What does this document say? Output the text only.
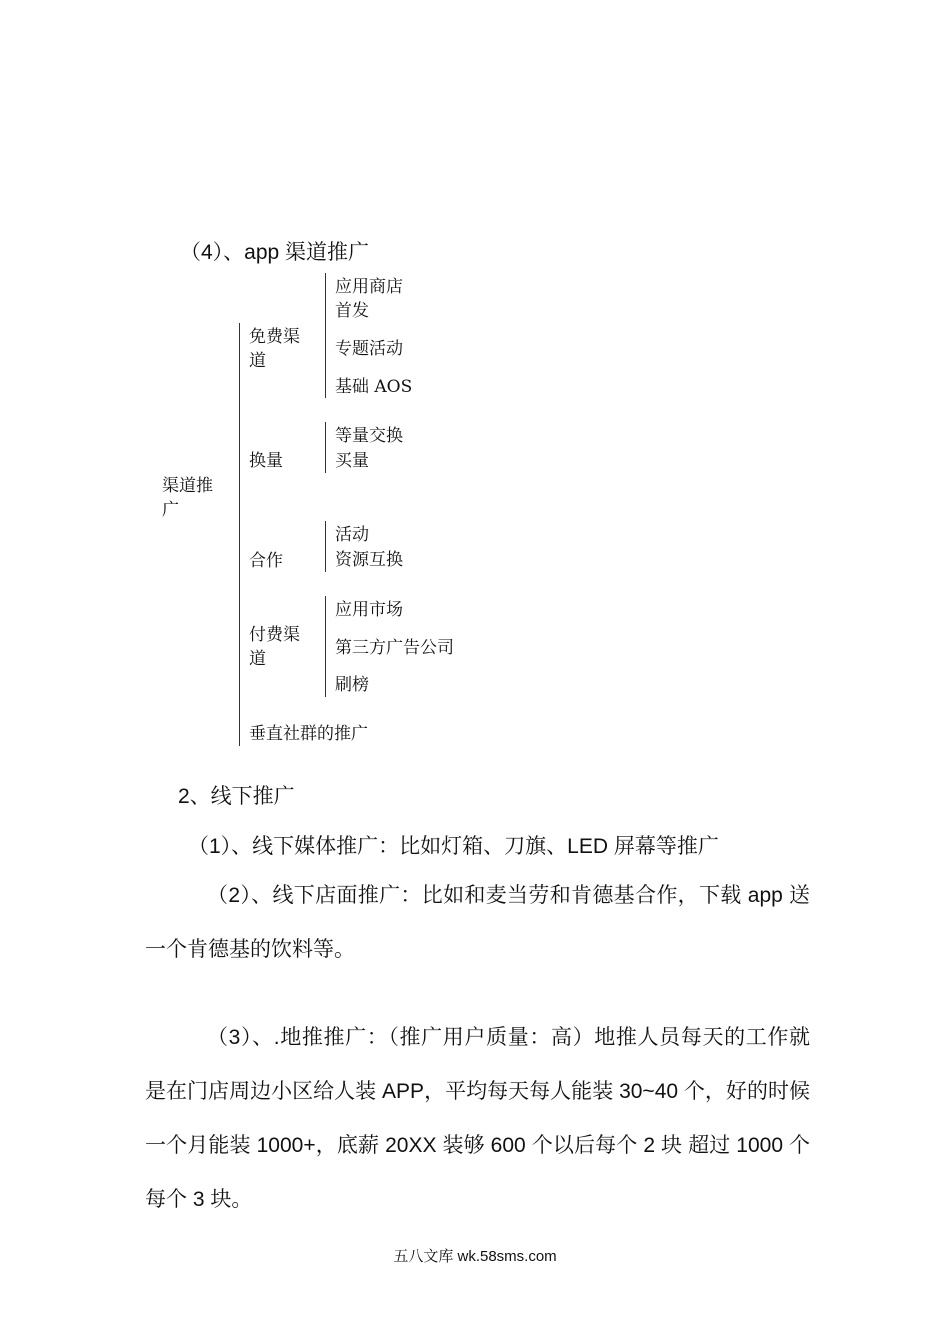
（4）、app 渠道推广
渠道推广
免费渠道
应用商店首发
专题活动
基础 AOS
换量
等量交换
买量
合作
活动
资源互换
付费渠道
应用市场
第三方广告公司
刷榜
垂直社群的推广
2、线下推广
（1）、线下媒体推广：比如灯箱、刀旗、LED 屏幕等推广
（2）、线下店面推广：比如和麦当劳和肯德基合作，下载 app 送一个肯德基的饮料等。
（3）、.地推推广：（推广用户质量：高）地推人员每天的工作就是在门店周边小区给人装 APP，平均每天每人能装 30~40 个，好的时候一个月能装 1000+，底薪 20XX 装够 600 个以后每个 2 块 超过 1000 个每个 3 块。
五八文库 wk.58sms.com
